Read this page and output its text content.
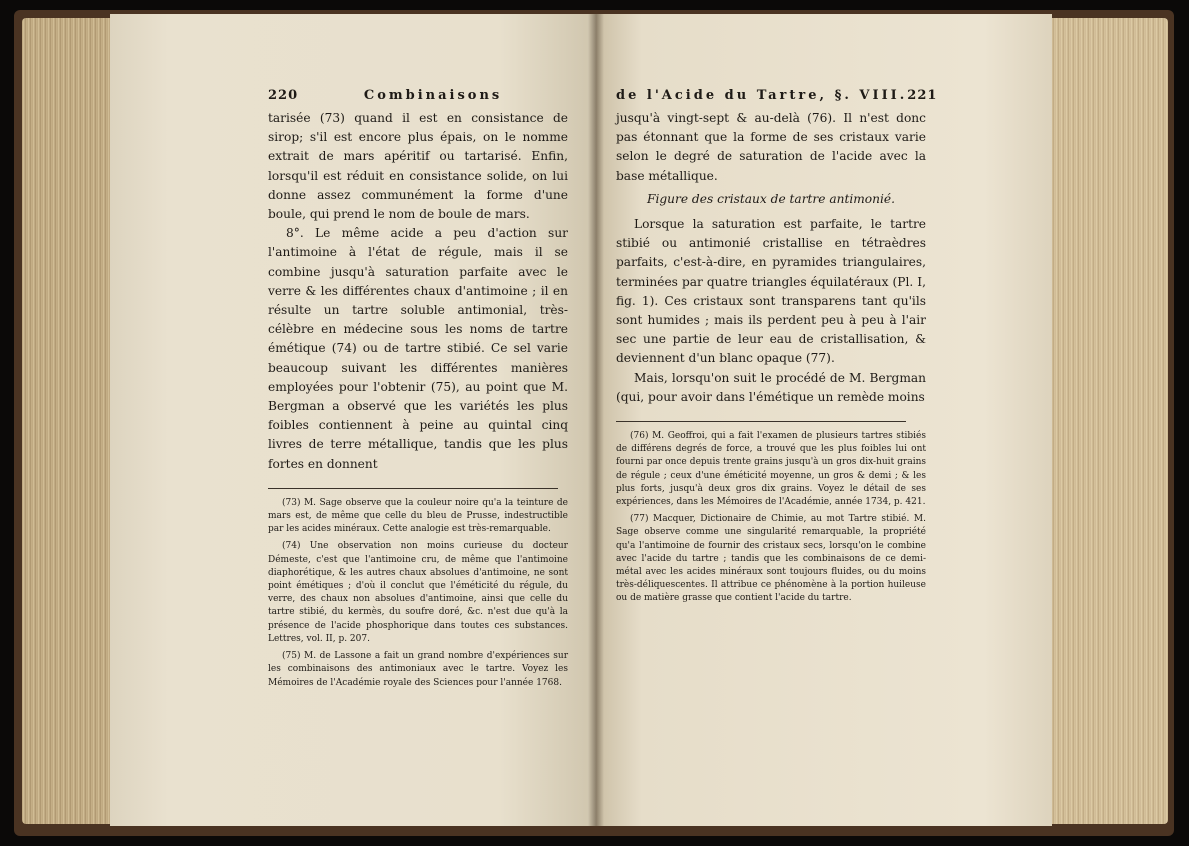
220	Combinaisons

tarisée (73) quand il est en consistance de sirop; s'il est encore plus épais, on le nomme extrait de mars apéritif ou tartarisé. Enfin, lorsqu'il est réduit en consistance solide, on lui donne assez communément la forme d'une boule, qui prend le nom de boule de mars.

8°. Le même acide a peu d'action sur l'antimoine à l'état de régule, mais il se combine jusqu'à saturation parfaite avec le verre & les différentes chaux d'antimoine ; il en résulte un tartre soluble antimonial, très-célèbre en médecine sous les noms de tartre émétique (74) ou de tartre stibié. Ce sel varie beaucoup suivant les différentes manières employées pour l'obtenir (75), au point que M. Bergman a observé que les variétés les plus foibles contiennent à peine au quintal cinq livres de terre métallique, tandis que les plus fortes en donnent

(73) M. Sage observe que la couleur noire qu'a la teinture de mars est, de même que celle du bleu de Prusse, indestructible par les acides minéraux. Cette analogie est très-remarquable.

(74) Une observation non moins curieuse du docteur Démeste, c'est que l'antimoine cru, de même que l'antimoine diaphorétique, & les autres chaux absolues d'antimoine, ne sont point émétiques ; d'où il conclut que l'éméticité du régule, du verre, des chaux non absolues d'antimoine, ainsi que celle du tartre stibié, du kermès, du soufre doré, &c. n'est due qu'à la présence de l'acide phosphorique dans toutes ces substances. Lettres, vol. II, p. 207.

(75) M. de Lassone a fait un grand nombre d'expériences sur les combinaisons des antimoniaux avec le tartre. Voyez les Mémoires de l'Académie royale des Sciences pour l'année 1768.

de l'Acide du Tartre, §. VIII. 221

jusqu'à vingt-sept & au-delà (76). Il n'est donc pas étonnant que la forme de ses cristaux varie selon le degré de saturation de l'acide avec la base métallique.

Figure des cristaux de tartre antimonié.

Lorsque la saturation est parfaite, le tartre stibié ou antimonié cristallise en tétraèdres parfaits, c'est-à-dire, en pyramides triangulaires, terminées par quatre triangles équilatéraux (Pl. I, fig. 1). Ces cristaux sont transparens tant qu'ils sont humides ; mais ils perdent peu à peu à l'air sec une partie de leur eau de cristallisation, & deviennent d'un blanc opaque (77).

Mais, lorsqu'on suit le procédé de M. Bergman (qui, pour avoir dans l'émétique un remède moins

(76) M. Geoffroi, qui a fait l'examen de plusieurs tartres stibiés de différens degrés de force, a trouvé que les plus foibles lui ont fourni par once depuis trente grains jusqu'à un gros dix-huit grains de régule ; ceux d'une éméticité moyenne, un gros & demi ; & les plus forts, jusqu'à deux gros dix grains. Voyez le détail de ses expériences, dans les Mémoires de l'Académie, année 1734, p. 421.

(77) Macquer, Dictionaire de Chimie, au mot Tartre stibié. M. Sage observe comme une singularité remarquable, la propriété qu'a l'antimoine de fournir des cristaux secs, lorsqu'on le combine avec l'acide du tartre ; tandis que les combinaisons de ce demi-métal avec les acides minéraux sont toujours fluides, ou du moins très-déliquescentes. Il attribue ce phénomène à la portion huileuse ou de matière grasse que contient l'acide du tartre.
